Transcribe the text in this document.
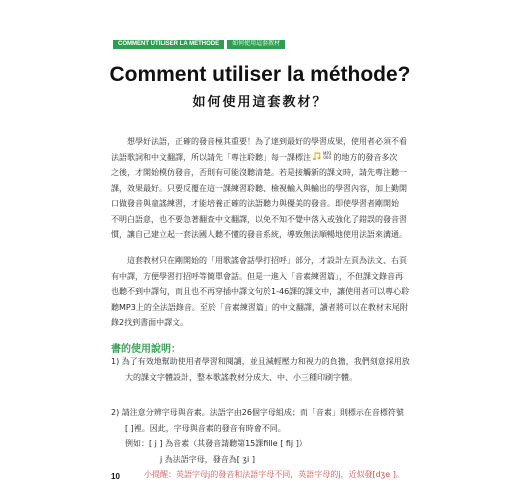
COMMENT UTILISER LA MÉTHODE	如何使用這套教材
Comment utiliser la méthode?
如何使用這套教材？
　　想學好法語，正確的發音極其重要！為了達到最好的學習成果，使用者必須不看
法語歌詞和中文翻譯，所以請先「專注聆聽」每一課標注	MP3
000 的地方的發音多次
之後，才開始模仿發音，否則有可能沒聽清楚。若是接觸新的課文時，請先專注聽一
課，效果最好。只要反覆在這一課練習聆聽、檢視輸入與輸出的學習內容，加上勤開
口做發音與童謠練習，才能培養正確的法語聽力與優美的發音。即使學習者剛開始
不明白語意，也不要急著翻查中文翻譯，以免不知不覺中落入或強化了錯誤的發音習
慣，讓自己建立起一套法國人聽不懂的發音系統，導致無法順暢地使用法語來溝通。
　　這套教材只在剛開始的「用歌謠會話學打招呼」部分，才設計左頁為法文、右頁
有中譯，方便學習打招呼等簡單會話。但是一進入「音素練習篇」，不但課文錄音再
也聽不到中譯句，而且也不再穿插中譯文句於1-46課的課文中，讓使用者可以專心聆
聽MP3上的全法語錄音。至於「音素練習篇」的中文翻譯，讀者將可以在教材末尾附
錄2找到書面中譯文。
書的使用說明：
1) 為了有效地幫助使用者學習和閱讀，並且減輕壓力和視力的負擔，我們刻意採用放
大的課文字體設計，整本歌謠教材分成大、中、小三種印刷字體。
2) 請注意分辨字母與音素。法語字由26個字母組成；而「音素」則標示在音標符號
[ ]裡。因此，字母與音素的發音有時會不同。
例如：[ j ] 為音素（其發音請聽第15課fille [ fij ]）
j 為法語字母，發音為[ ʒi ]
小提醒：英語字母j的發音和法語字母不同，英語字母的j，近似發[dʒe ]。
10
